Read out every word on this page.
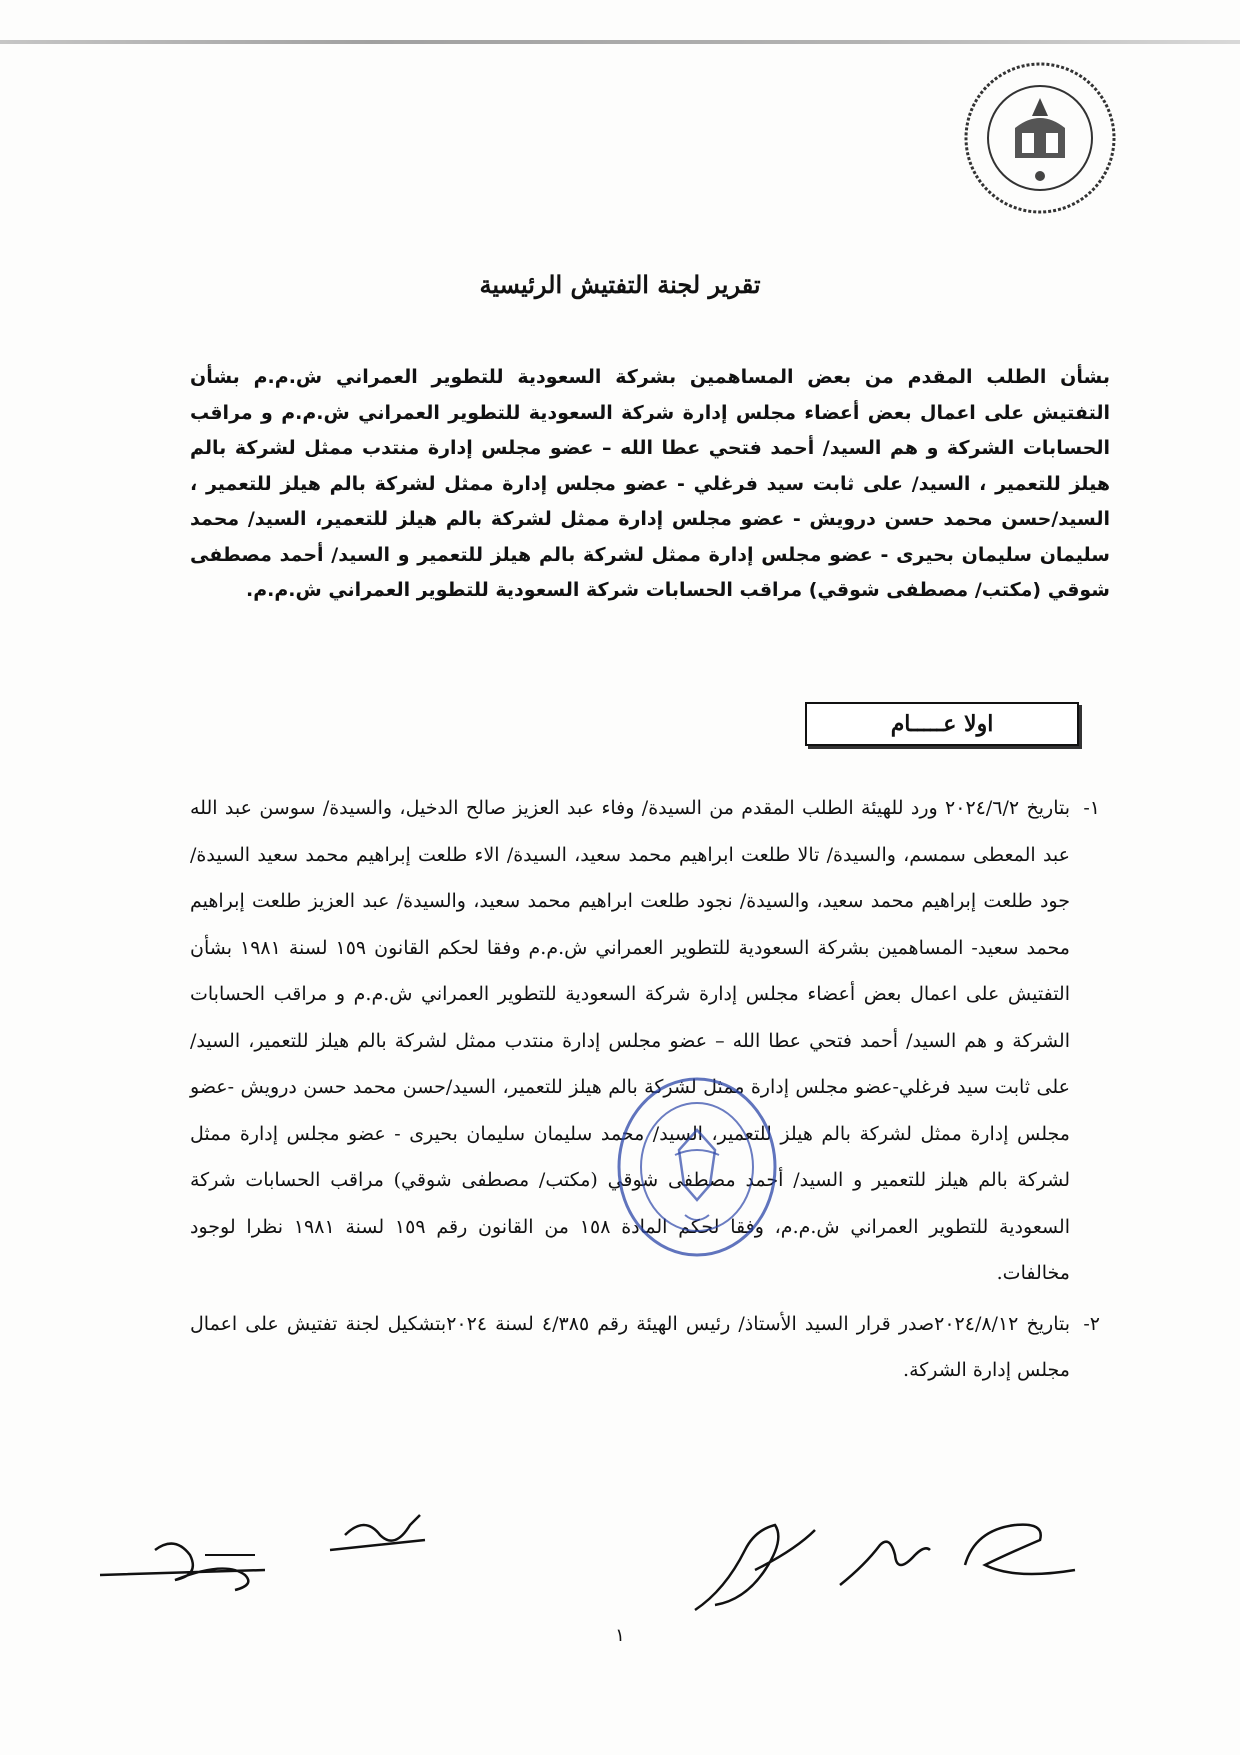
تقرير لجنة التفتيش الرئيسية
بشأن الطلب المقدم من بعض المساهمين بشركة السعودية للتطوير العمراني ش.م.م بشأن التفتيش على اعمال بعض أعضاء مجلس إدارة شركة السعودية للتطوير العمراني ش.م.م و مراقب الحسابات الشركة و هم السيد/ أحمد فتحي عطا الله – عضو مجلس إدارة منتدب ممثل لشركة بالم هيلز للتعمير ، السيد/ على ثابت سيد فرغلي - عضو مجلس إدارة ممثل لشركة بالم هيلز للتعمير ، السيد/حسن محمد حسن درويش - عضو مجلس إدارة ممثل لشركة بالم هيلز للتعمير، السيد/ محمد سليمان سليمان بحيرى - عضو مجلس إدارة ممثل لشركة بالم هيلز للتعمير و السيد/ أحمد مصطفى شوقي (مكتب/ مصطفى شوقي) مراقب الحسابات شركة السعودية للتطوير العمراني ش.م.م.
اولا عـــــام
١-
بتاريخ ٢٠٢٤/٦/٢ ورد للهيئة الطلب المقدم من السيدة/ وفاء عبد العزيز صالح الدخيل، والسيدة/ سوسن عبد الله عبد المعطى سمسم، والسيدة/ تالا طلعت ابراهيم محمد سعيد، السيدة/ الاء طلعت إبراهيم محمد سعيد السيدة/ جود طلعت إبراهيم محمد سعيد، والسيدة/ نجود طلعت ابراهيم محمد سعيد، والسيدة/ عبد العزيز طلعت إبراهيم محمد سعيد- المساهمين بشركة السعودية للتطوير العمراني ش.م.م وفقا لحكم القانون ١٥٩ لسنة ١٩٨١ بشأن التفتيش على اعمال بعض أعضاء مجلس إدارة شركة السعودية للتطوير العمراني ش.م.م و مراقب الحسابات الشركة و هم السيد/ أحمد فتحي عطا الله – عضو مجلس إدارة منتدب ممثل لشركة بالم هيلز للتعمير، السيد/ على ثابت سيد فرغلي-عضو مجلس إدارة ممثل لشركة بالم هيلز للتعمير، السيد/حسن محمد حسن درويش -عضو مجلس إدارة ممثل لشركة بالم هيلز للتعمير، السيد/ محمد سليمان سليمان بحيرى - عضو مجلس إدارة ممثل لشركة بالم هيلز للتعمير و السيد/ أحمد مصطفى شوقي (مكتب/ مصطفى شوقي) مراقب الحسابات شركة السعودية للتطوير العمراني ش.م.م، وفقا لحكم المادة ١٥٨ من القانون رقم ١٥٩ لسنة ١٩٨١ نظرا لوجود مخالفات.
٢-
بتاريخ ٢٠٢٤/٨/١٢صدر قرار السيد الأستاذ/ رئيس الهيئة رقم ٤/٣٨٥ لسنة ٢٠٢٤بتشكيل لجنة تفتيش على اعمال مجلس إدارة الشركة.
١
